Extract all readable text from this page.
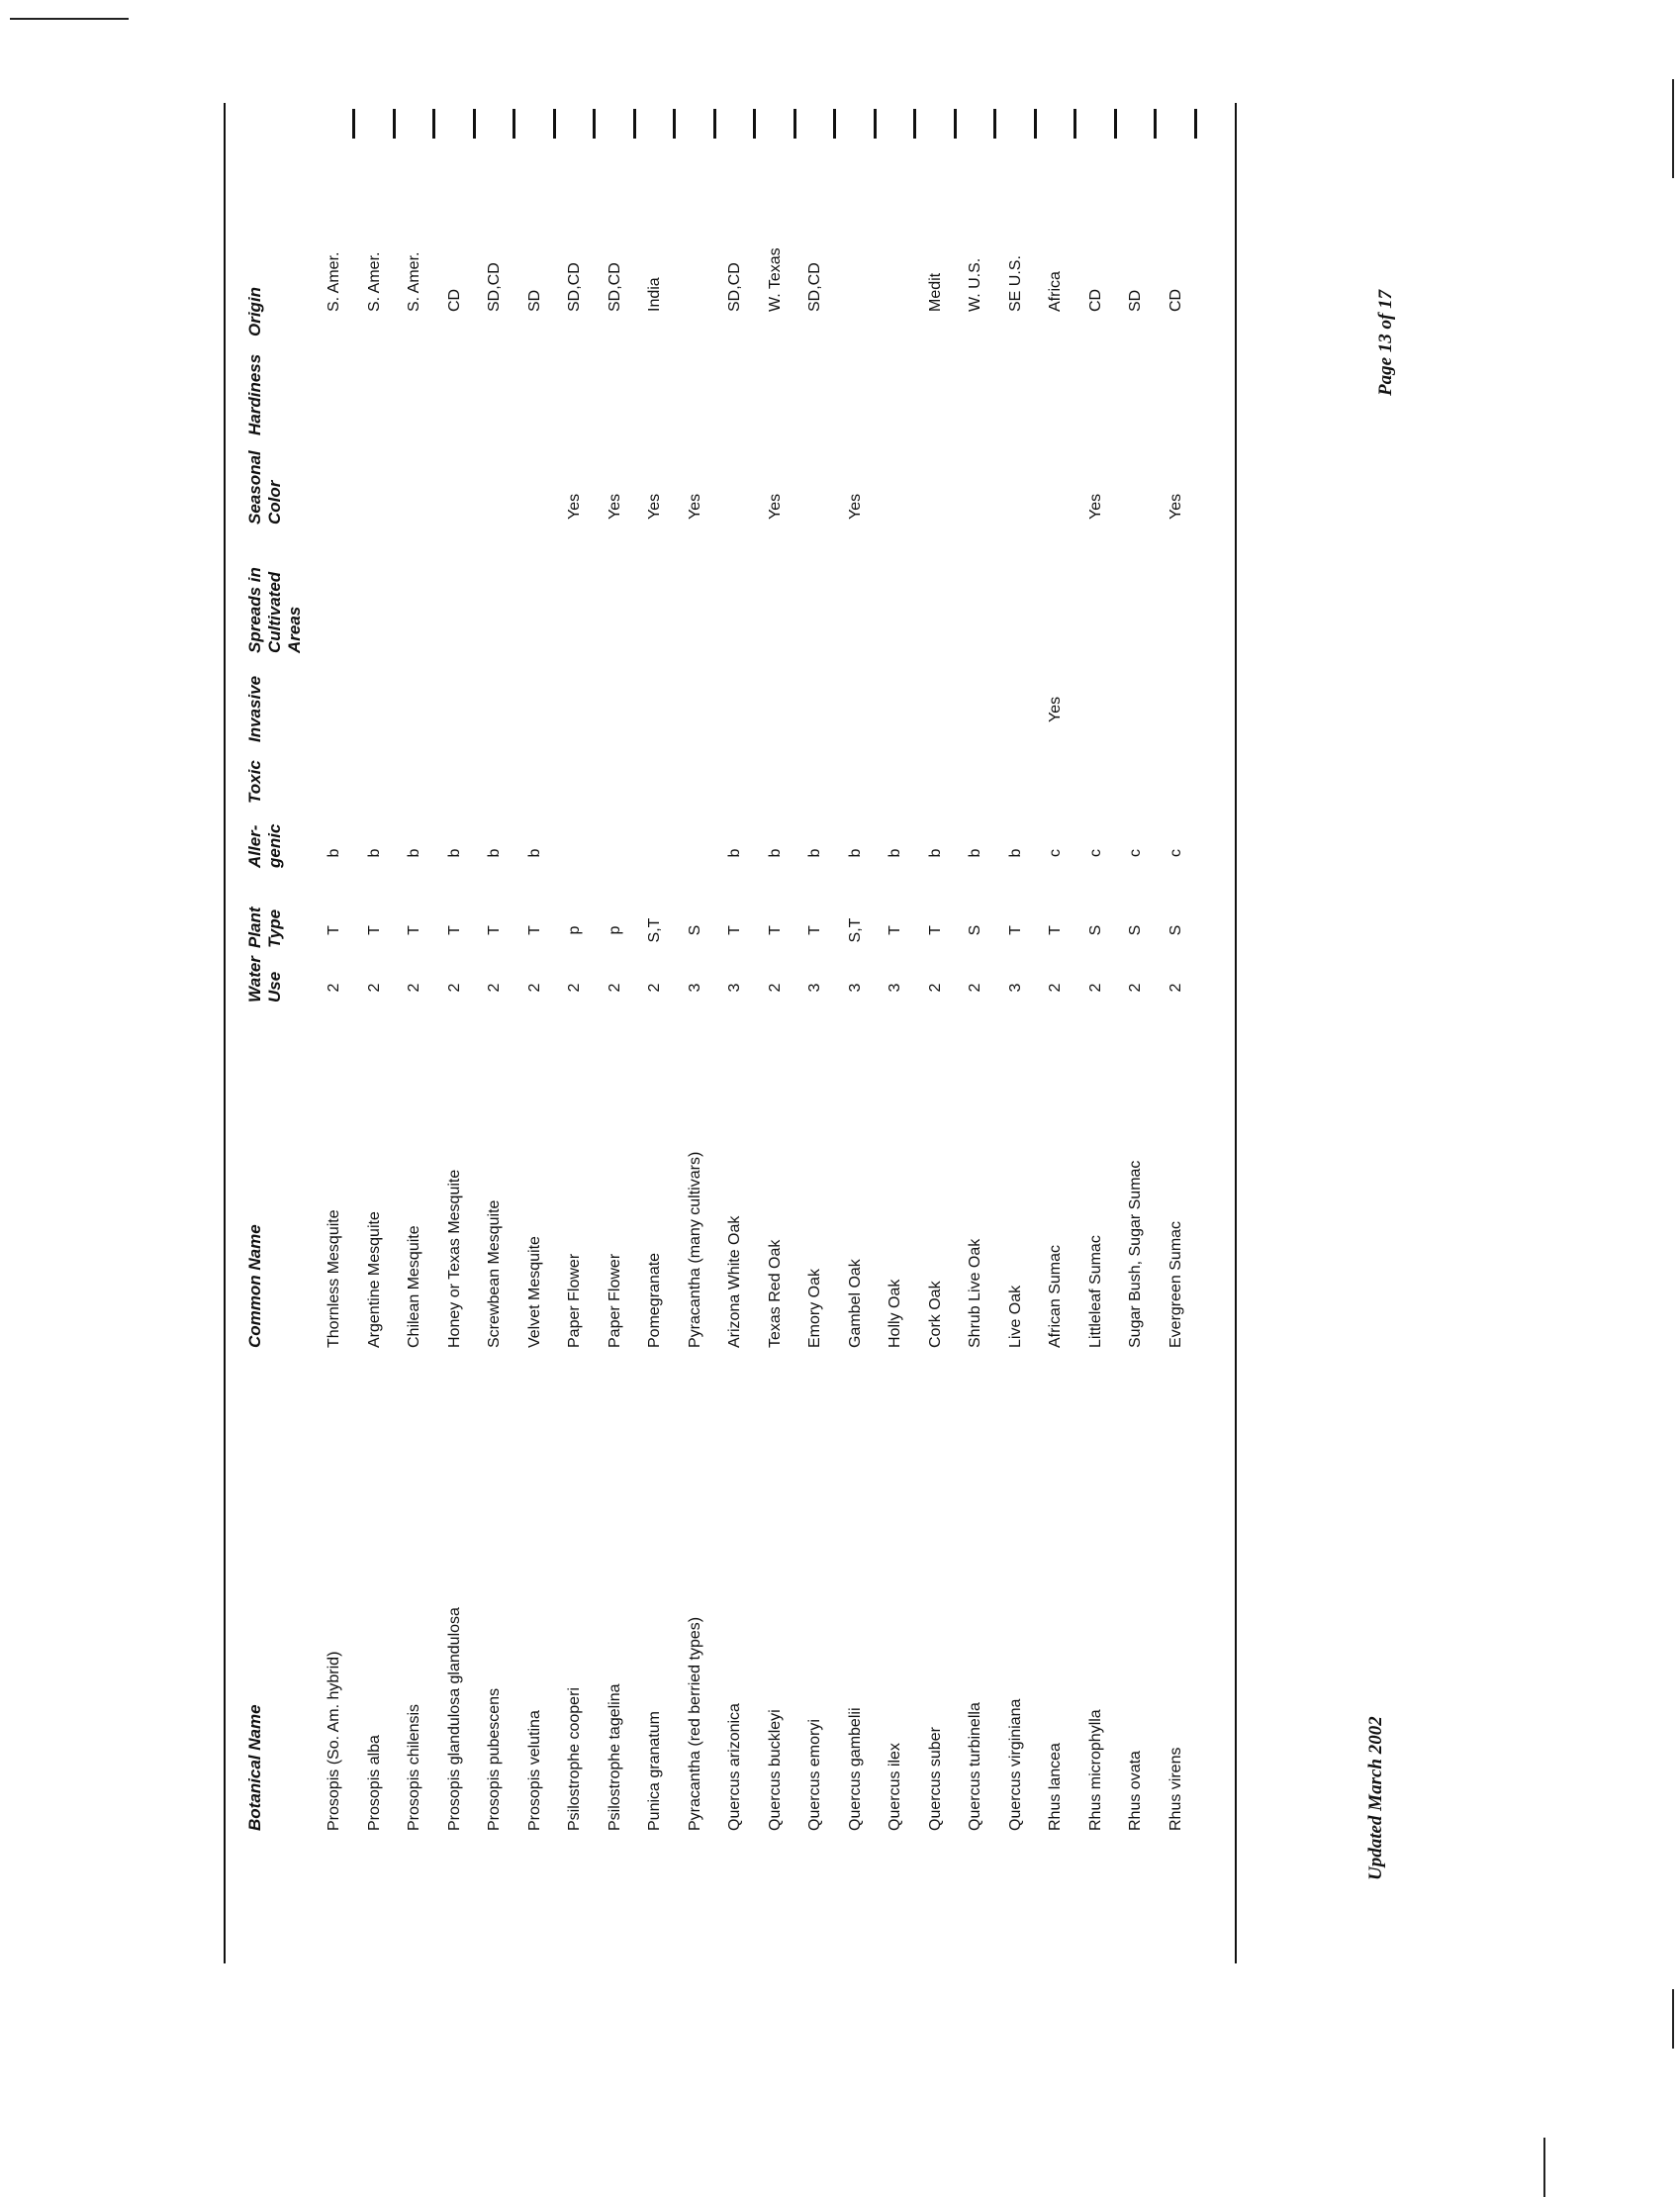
Botanical Name
Common Name
Water
Use
Plant
Type
Aller-
genic
Toxic
Invasive
Spreads in
Cultivated
Areas
Seasonal
Color
Hardiness
Origin
Prosopis (So. Am. hybrid)
Thornless Mesquite
2
T
b
S. Amer.
Prosopis alba
Argentine Mesquite
2
T
b
S. Amer.
Prosopis chilensis
Chilean Mesquite
2
T
b
S. Amer.
Prosopis glandulosa glandulosa
Honey or Texas Mesquite
2
T
b
CD
Prosopis pubescens
Screwbean Mesquite
2
T
b
SD,CD
Prosopis velutina
Velvet Mesquite
2
T
b
SD
Psilostrophe cooperi
Paper Flower
2
p
Yes
SD,CD
Psilostrophe tagelina
Paper Flower
2
p
Yes
SD,CD
Punica granatum
Pomegranate
2
S,T
Yes
India
Pyracantha (red berried types)
Pyracantha (many cultivars)
3
S
Yes
Quercus arizonica
Arizona White Oak
3
T
b
SD,CD
Quercus buckleyi
Texas Red Oak
2
T
b
Yes
W. Texas
Quercus emoryi
Emory Oak
3
T
b
SD,CD
Quercus gambelii
Gambel Oak
3
S,T
b
Yes
Quercus ilex
Holly Oak
3
T
b
Quercus suber
Cork Oak
2
T
b
Medit
Quercus turbinella
Shrub Live Oak
2
S
b
W. U.S.
Quercus virginiana
Live Oak
3
T
b
SE U.S.
Rhus lancea
African Sumac
2
T
c
Yes
Africa
Rhus microphylla
Littleleaf Sumac
2
S
c
Yes
CD
Rhus ovata
Sugar Bush, Sugar Sumac
2
S
c
SD
Rhus virens
Evergreen Sumac
2
S
c
Yes
CD
Updated March 2002
Page 13 of 17
